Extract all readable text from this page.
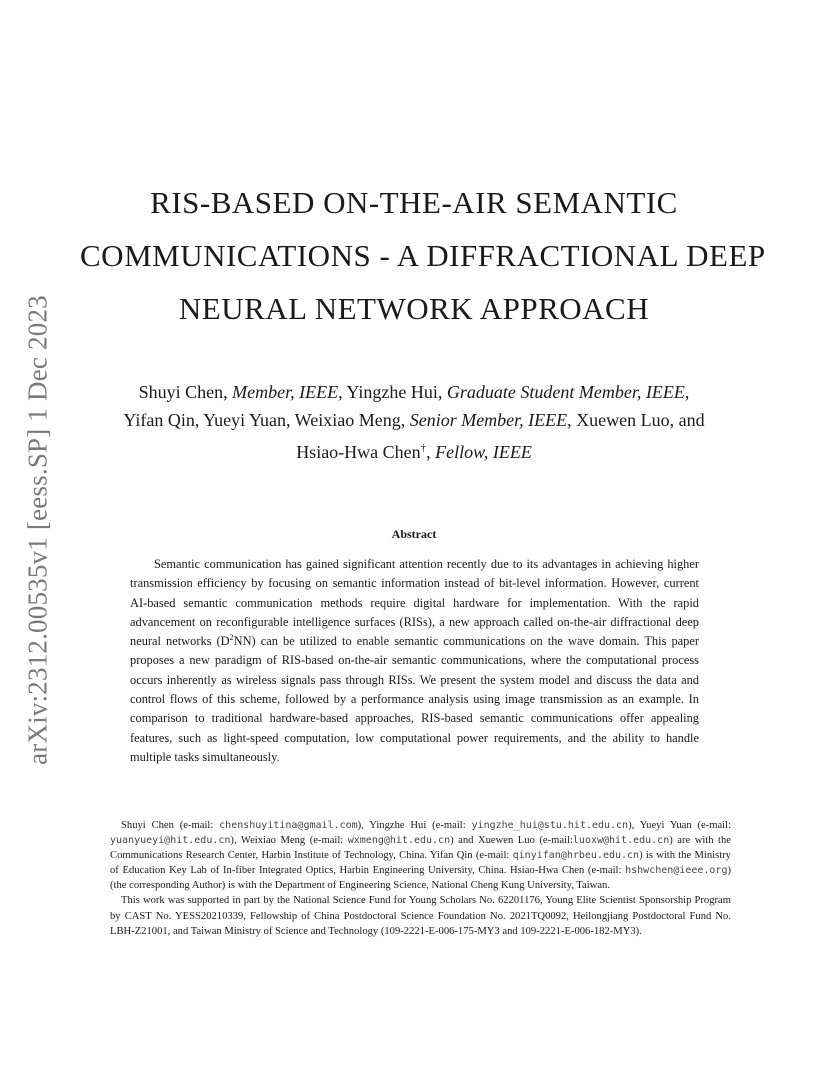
arXiv:2312.00535v1 [eess.SP] 1 Dec 2023
RIS-BASED ON-THE-AIR SEMANTIC
COMMUNICATIONS - A DIFFRACTIONAL DEEP
NEURAL NETWORK APPROACH
Shuyi Chen, Member, IEEE, Yingzhe Hui, Graduate Student Member, IEEE,
Yifan Qin, Yueyi Yuan, Weixiao Meng, Senior Member, IEEE, Xuewen Luo, and
Hsiao-Hwa Chen†, Fellow, IEEE
Abstract

Semantic communication has gained significant attention recently due to its advantages in achieving higher transmission efficiency by focusing on semantic information instead of bit-level information. However, current AI-based semantic communication methods require digital hardware for implementation. With the rapid advancement on reconfigurable intelligence surfaces (RISs), a new approach called on-the-air diffractional deep neural networks $(D^2NN)$ can be utilized to enable semantic communications on the wave domain. This paper proposes a new paradigm of RIS-based on-the-air semantic communications, where the computational process occurs inherently as wireless signals pass through RISs. We present the system model and discuss the data and control flows of this scheme, followed by a performance analysis using image transmission as an example. In comparison to traditional hardware-based approaches, RIS-based semantic communications offer appealing features, such as light-speed computation, low computational power requirements, and the ability to handle multiple tasks simultaneously.

Shuyi Chen (e-mail: chenshuyitina@gmail.com), Yingzhe Hui (e-mail: yingzhe_hui@stu.hit.edu.cn), Yueyi Yuan (e-mail: yuanyueyi@hit.edu.cn), Weixiao Meng (e-mail: wxmeng@hit.edu.cn) and Xuewen Luo (e-mail:luoxw@hit.edu.cn) are with the Communications Research Center, Harbin Institute of Technology, China. Yifan Qin (e-mail: qinyifan@hrbeu.edu.cn) is with the Ministry of Education Key Lab of In-fiber Integrated Optics, Harbin Engineering University, China. Hsiao-Hwa Chen (e-mail: hshwchen@ieee.org) (the corresponding Author) is with the Department of Engineering Science, National Cheng Kung University, Taiwan.

This work was supported in part by the National Science Fund for Young Scholars No. 62201176, Young Elite Scientist Sponsorship Program by CAST No. YESS20210339, Fellowship of China Postdoctoral Science Foundation No. 2021TQ0092, Heilongjiang Postdoctoral Fund No. LBH-Z21001, and Taiwan Ministry of Science and Technology (109-2221-E-006-175-MY3 and 109-2221-E-006-182-MY3).
